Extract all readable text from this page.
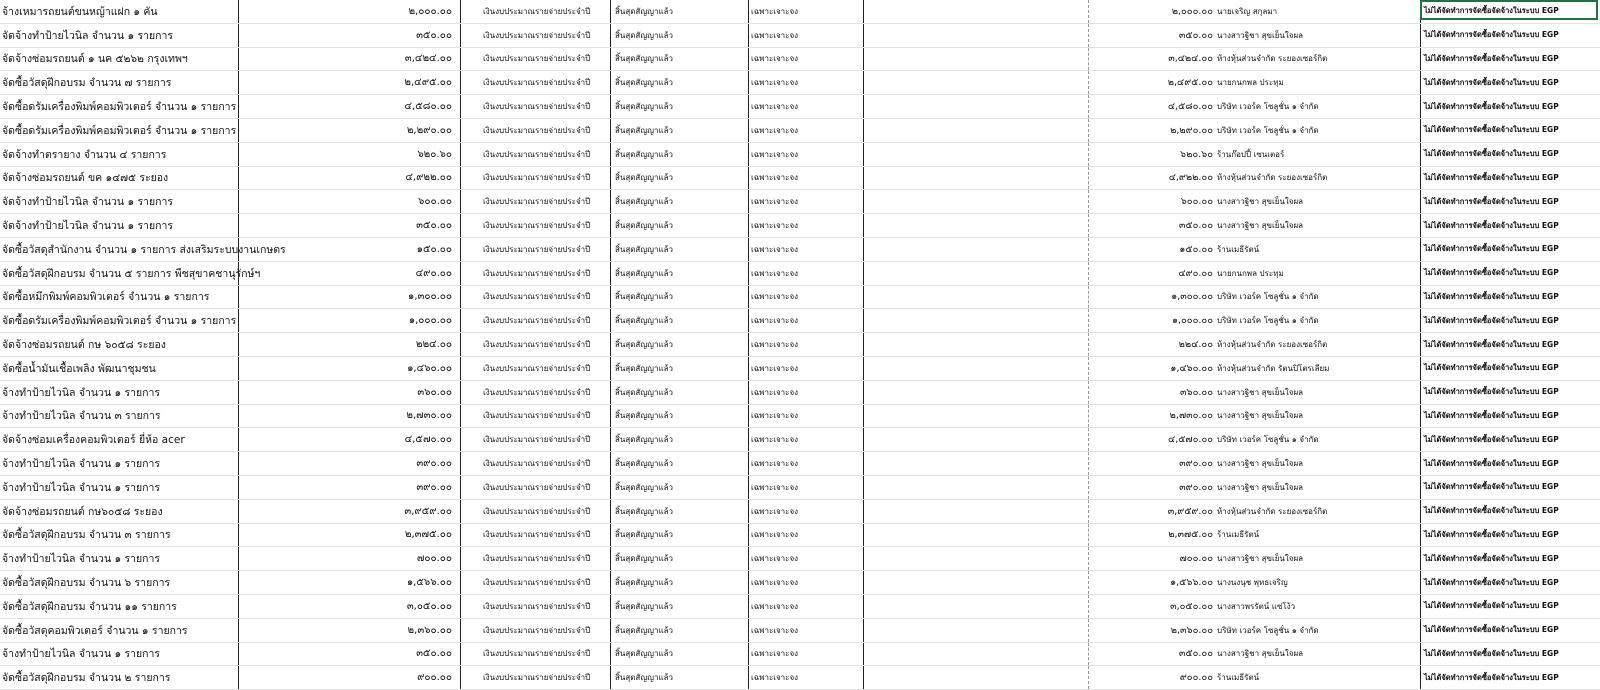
จ้างเหมารถยนต์ขนหญ้าแฝก ๑ คัน	๒,๐๐๐.๐๐	เงินงบประมาณรายจ่ายประจำปี	สิ้นสุดสัญญาแล้ว	เฉพาะเจาะจง	๒,๐๐๐.๐๐ นายเจริญ สกุลมา	ไม่ได้จัดทำการจัดซื้อจัดจ้างในระบบ EGP
จัดจ้างทำป้ายไวนิล จำนวน ๑ รายการ	๓๕๐.๐๐	เงินงบประมาณรายจ่ายประจำปี	สิ้นสุดสัญญาแล้ว	เฉพาะเจาะจง	๓๕๐.๐๐ นางสาวฐิชา สุขเย็นใจผล	ไม่ได้จัดทำการจัดซื้อจัดจ้างในระบบ EGP
จัดจ้างซ่อมรถยนต์ ๑ นค ๕๒๖๒ กรุงเทพฯ	๓,๔๒๔.๐๐	เงินงบประมาณรายจ่ายประจำปี	สิ้นสุดสัญญาแล้ว	เฉพาะเจาะจง	๓,๔๒๔.๐๐ ห้างหุ้นส่วนจำกัด ระยองเซอร์กิต	ไม่ได้จัดทำการจัดซื้อจัดจ้างในระบบ EGP
จัดซื้อวัสดุฝึกอบรม จำนวน ๗ รายการ	๒,๔๙๕.๐๐	เงินงบประมาณรายจ่ายประจำปี	สิ้นสุดสัญญาแล้ว	เฉพาะเจาะจง	๒,๔๙๕.๐๐ นายกนกพล ประทุม	ไม่ได้จัดทำการจัดซื้อจัดจ้างในระบบ EGP
จัดซื้อดรัมเครื่องพิมพ์คอมพิวเตอร์ จำนวน ๑ รายการ	๔,๕๘๐.๐๐	เงินงบประมาณรายจ่ายประจำปี	สิ้นสุดสัญญาแล้ว	เฉพาะเจาะจง	๔,๕๘๐.๐๐ บริษัท เวอร์ค โซลูชั่น ๑ จำกัด	ไม่ได้จัดทำการจัดซื้อจัดจ้างในระบบ EGP
จัดซื้อดรัมเครื่องพิมพ์คอมพิวเตอร์ จำนวน ๑ รายการ	๒,๒๙๐.๐๐	เงินงบประมาณรายจ่ายประจำปี	สิ้นสุดสัญญาแล้ว	เฉพาะเจาะจง	๒,๒๙๐.๐๐ บริษัท เวอร์ค โซลูชั่น ๑ จำกัด	ไม่ได้จัดทำการจัดซื้อจัดจ้างในระบบ EGP
จัดจ้างทำตรายาง จำนวน ๔ รายการ	๖๒๐.๖๐	เงินงบประมาณรายจ่ายประจำปี	สิ้นสุดสัญญาแล้ว	เฉพาะเจาะจง	๖๒๐.๖๐ ร้านก๊อปปี้ เซนเตอร์	ไม่ได้จัดทำการจัดซื้อจัดจ้างในระบบ EGP
จัดจ้างซ่อมรถยนต์ ขค ๑๔๗๕ ระยอง	๔,๙๒๒.๐๐	เงินงบประมาณรายจ่ายประจำปี	สิ้นสุดสัญญาแล้ว	เฉพาะเจาะจง	๔,๙๒๒.๐๐ ห้างหุ้นส่วนจำกัด ระยองเซอร์กิต	ไม่ได้จัดทำการจัดซื้อจัดจ้างในระบบ EGP
จัดจ้างทำป้ายไวนิล จำนวน ๑ รายการ	๖๐๐.๐๐	เงินงบประมาณรายจ่ายประจำปี	สิ้นสุดสัญญาแล้ว	เฉพาะเจาะจง	๖๐๐.๐๐ นางสาวฐิชา สุขเย็นใจผล	ไม่ได้จัดทำการจัดซื้อจัดจ้างในระบบ EGP
จัดจ้างทำป้ายไวนิล จำนวน ๑ รายการ	๓๕๐.๐๐	เงินงบประมาณรายจ่ายประจำปี	สิ้นสุดสัญญาแล้ว	เฉพาะเจาะจง	๓๕๐.๐๐ นางสาวฐิชา สุขเย็นใจผล	ไม่ได้จัดทำการจัดซื้อจัดจ้างในระบบ EGP
จัดซื้อวัสดุสำนักงาน จำนวน ๑ รายการ ส่งเสริมระบบงานเกษตร	๑๕๐.๐๐	เงินงบประมาณรายจ่ายประจำปี	สิ้นสุดสัญญาแล้ว	เฉพาะเจาะจง	๑๕๐.๐๐ ร้านเมธีรัตน์	ไม่ได้จัดทำการจัดซื้อจัดจ้างในระบบ EGP
จัดซื้อวัสดุฝึกอบรม จำนวน ๕ รายการ พืชสุขาคชานุรักษ์ฯ	๔๙๐.๐๐	เงินงบประมาณรายจ่ายประจำปี	สิ้นสุดสัญญาแล้ว	เฉพาะเจาะจง	๔๙๐.๐๐ นายกนกพล ประทุม	ไม่ได้จัดทำการจัดซื้อจัดจ้างในระบบ EGP
จัดซื้อหมึกพิมพ์คอมพิวเตอร์ จำนวน ๑ รายการ	๑,๓๐๐.๐๐	เงินงบประมาณรายจ่ายประจำปี	สิ้นสุดสัญญาแล้ว	เฉพาะเจาะจง	๑,๓๐๐.๐๐ บริษัท เวอร์ค โซลูชั่น ๑ จำกัด	ไม่ได้จัดทำการจัดซื้อจัดจ้างในระบบ EGP
จัดซื้อดรัมเครื่องพิมพ์คอมพิวเตอร์ จำนวน ๑ รายการ	๑,๐๐๐.๐๐	เงินงบประมาณรายจ่ายประจำปี	สิ้นสุดสัญญาแล้ว	เฉพาะเจาะจง	๑,๐๐๐.๐๐ บริษัท เวอร์ค โซลูชั่น ๑ จำกัด	ไม่ได้จัดทำการจัดซื้อจัดจ้างในระบบ EGP
จัดจ้างซ่อมรถยนต์ กษ ๖๐๕๘ ระยอง	๒๒๔.๐๐	เงินงบประมาณรายจ่ายประจำปี	สิ้นสุดสัญญาแล้ว	เฉพาะเจาะจง	๒๒๔.๐๐ ห้างหุ้นส่วนจำกัด ระยองเซอร์กิต	ไม่ได้จัดทำการจัดซื้อจัดจ้างในระบบ EGP
จัดซื้อน้ำมันเชื้อเพลิง พัฒนาชุมชน	๑,๔๖๐.๐๐	เงินงบประมาณรายจ่ายประจำปี	สิ้นสุดสัญญาแล้ว	เฉพาะเจาะจง	๑,๔๖๐.๐๐ ห้างหุ้นส่วนจำกัด รัตนปิโตรเลียม	ไม่ได้จัดทำการจัดซื้อจัดจ้างในระบบ EGP
จ้างทำป้ายไวนิล จำนวน ๑ รายการ	๓๖๐.๐๐	เงินงบประมาณรายจ่ายประจำปี	สิ้นสุดสัญญาแล้ว	เฉพาะเจาะจง	๓๖๐.๐๐ นางสาวฐิชา สุขเย็นใจผล	ไม่ได้จัดทำการจัดซื้อจัดจ้างในระบบ EGP
จ้างทำป้ายไวนิล จำนวน ๓ รายการ	๒,๗๓๐.๐๐	เงินงบประมาณรายจ่ายประจำปี	สิ้นสุดสัญญาแล้ว	เฉพาะเจาะจง	๒,๗๓๐.๐๐ นางสาวฐิชา สุขเย็นใจผล	ไม่ได้จัดทำการจัดซื้อจัดจ้างในระบบ EGP
จัดจ้างซ่อมเครื่องคอมพิวเตอร์ ยี่ห้อ acer	๔,๕๗๐.๐๐	เงินงบประมาณรายจ่ายประจำปี	สิ้นสุดสัญญาแล้ว	เฉพาะเจาะจง	๔,๕๗๐.๐๐ บริษัท เวอร์ค โซลูชั่น ๑ จำกัด	ไม่ได้จัดทำการจัดซื้อจัดจ้างในระบบ EGP
จ้างทำป้ายไวนิล จำนวน ๑ รายการ	๓๙๐.๐๐	เงินงบประมาณรายจ่ายประจำปี	สิ้นสุดสัญญาแล้ว	เฉพาะเจาะจง	๓๙๐.๐๐ นางสาวฐิชา สุขเย็นใจผล	ไม่ได้จัดทำการจัดซื้อจัดจ้างในระบบ EGP
จ้างทำป้ายไวนิล จำนวน ๑ รายการ	๓๙๐.๐๐	เงินงบประมาณรายจ่ายประจำปี	สิ้นสุดสัญญาแล้ว	เฉพาะเจาะจง	๓๙๐.๐๐ นางสาวฐิชา สุขเย็นใจผล	ไม่ได้จัดทำการจัดซื้อจัดจ้างในระบบ EGP
จัดจ้างซ่อมรถยนต์ กษ๖๐๕๘ ระยอง	๓,๙๕๙.๐๐	เงินงบประมาณรายจ่ายประจำปี	สิ้นสุดสัญญาแล้ว	เฉพาะเจาะจง	๓,๙๕๙.๐๐ ห้างหุ้นส่วนจำกัด ระยองเซอร์กิต	ไม่ได้จัดทำการจัดซื้อจัดจ้างในระบบ EGP
จัดซื้อวัสดุฝึกอบรม จำนวน ๓ รายการ	๒,๓๗๕.๐๐	เงินงบประมาณรายจ่ายประจำปี	สิ้นสุดสัญญาแล้ว	เฉพาะเจาะจง	๒,๓๗๕.๐๐ ร้านเมธีรัตน์	ไม่ได้จัดทำการจัดซื้อจัดจ้างในระบบ EGP
จ้างทำป้ายไวนิล จำนวน ๑ รายการ	๗๐๐.๐๐	เงินงบประมาณรายจ่ายประจำปี	สิ้นสุดสัญญาแล้ว	เฉพาะเจาะจง	๗๐๐.๐๐ นางสาวฐิชา สุขเย็นใจผล	ไม่ได้จัดทำการจัดซื้อจัดจ้างในระบบ EGP
จัดซื้อวัสดุฝึกอบรม จำนวน ๖ รายการ	๑,๕๖๖.๐๐	เงินงบประมาณรายจ่ายประจำปี	สิ้นสุดสัญญาแล้ว	เฉพาะเจาะจง	๑,๕๖๖.๐๐ นางนงนุช พุทธเจริญ	ไม่ได้จัดทำการจัดซื้อจัดจ้างในระบบ EGP
จัดซื้อวัสดุฝึกอบรม จำนวน ๑๑ รายการ	๓,๐๕๐.๐๐	เงินงบประมาณรายจ่ายประจำปี	สิ้นสุดสัญญาแล้ว	เฉพาะเจาะจง	๓,๐๕๐.๐๐ นางสาวพรรัตน์ แซ่โง้ว	ไม่ได้จัดทำการจัดซื้อจัดจ้างในระบบ EGP
จัดซื้อวัสดุคอมพิวเตอร์ จำนวน ๑ รายการ	๒,๓๖๐.๐๐	เงินงบประมาณรายจ่ายประจำปี	สิ้นสุดสัญญาแล้ว	เฉพาะเจาะจง	๒,๓๖๐.๐๐ บริษัท เวอร์ค โซลูชั่น ๑ จำกัด	ไม่ได้จัดทำการจัดซื้อจัดจ้างในระบบ EGP
จ้างทำป้ายไวนิล จำนวน ๑ รายการ	๓๕๐.๐๐	เงินงบประมาณรายจ่ายประจำปี	สิ้นสุดสัญญาแล้ว	เฉพาะเจาะจง	๓๕๐.๐๐ นางสาวฐิชา สุขเย็นใจผล	ไม่ได้จัดทำการจัดซื้อจัดจ้างในระบบ EGP
จัดซื้อวัสดุฝึกอบรม จำนวน ๒ รายการ	๙๐๐.๐๐	เงินงบประมาณรายจ่ายประจำปี	สิ้นสุดสัญญาแล้ว	เฉพาะเจาะจง	๙๐๐.๐๐ ร้านเมธีรัตน์	ไม่ได้จัดทำการจัดซื้อจัดจ้างในระบบ EGP
